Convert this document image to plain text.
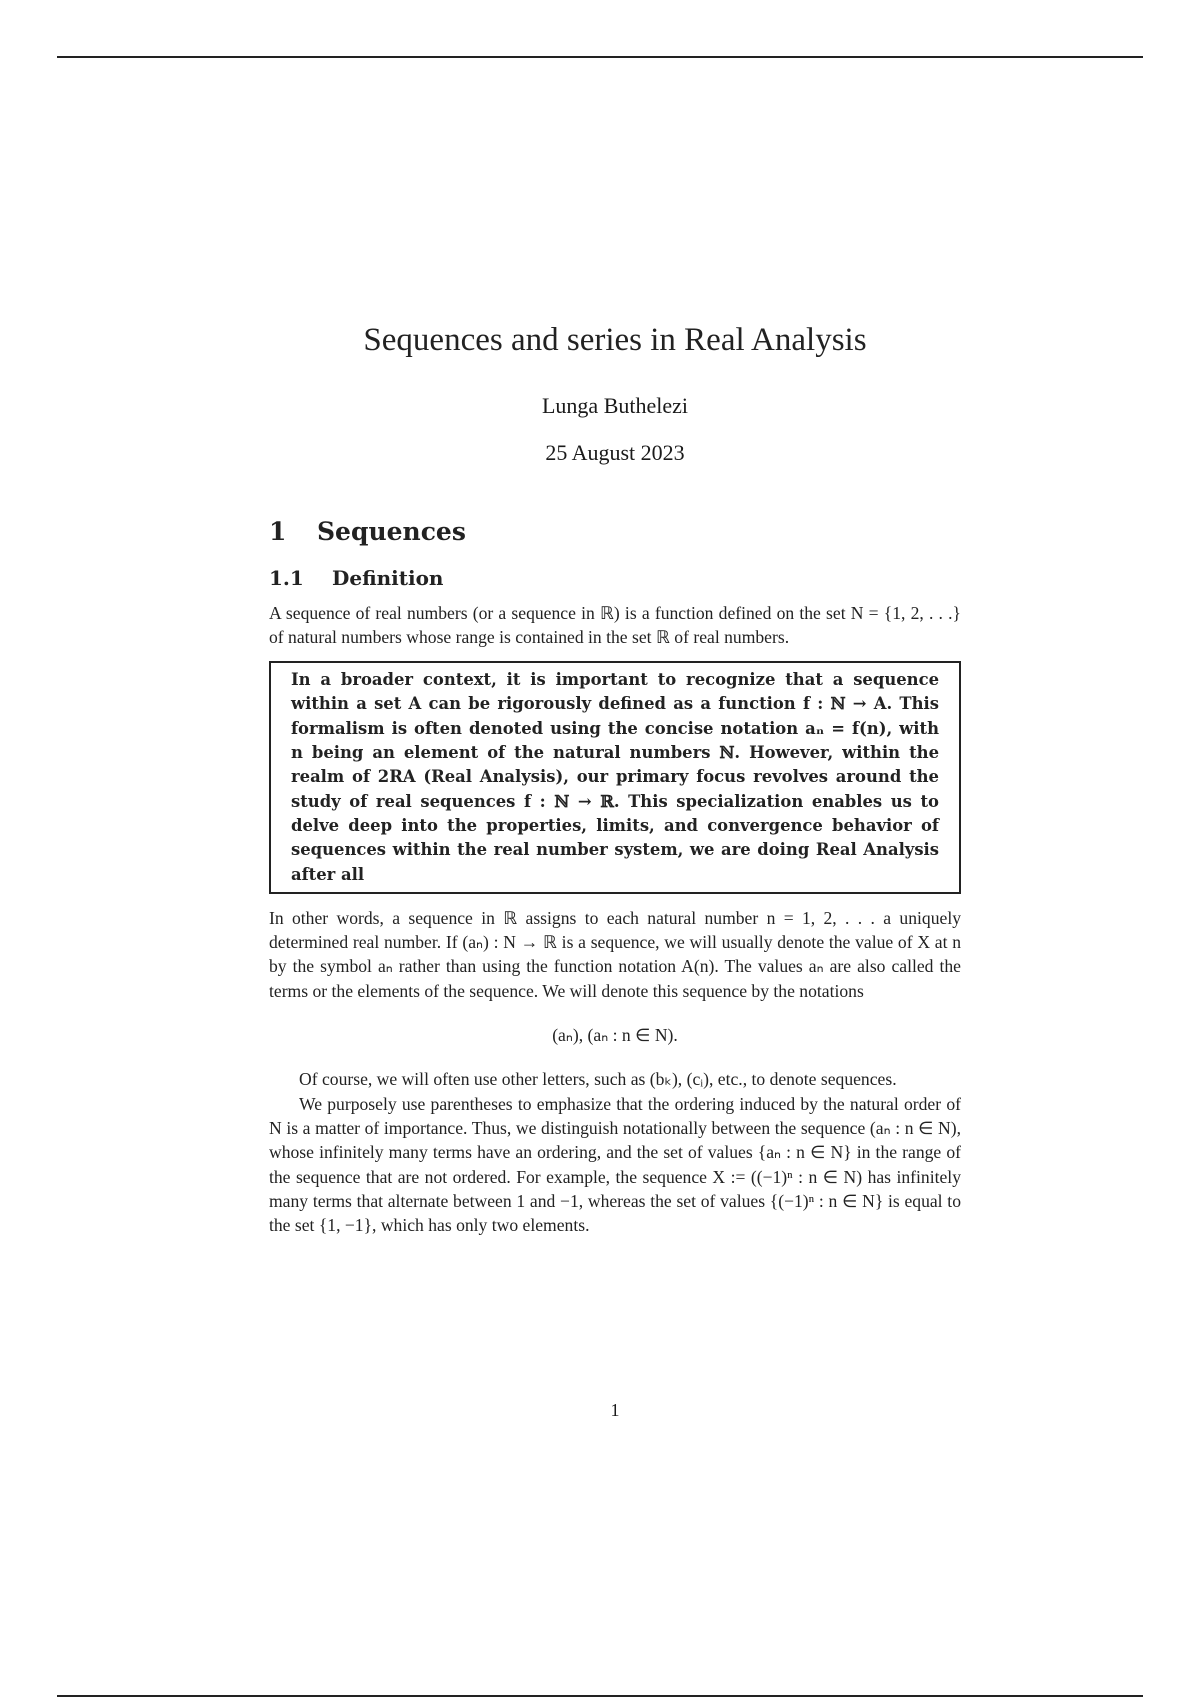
Sequences and series in Real Analysis
Lunga Buthelezi
25 August 2023
1	Sequences
1.1	Definition

A sequence of real numbers (or a sequence in ℝ) is a function defined on the set N = {1, 2, . . .} of natural numbers whose range is contained in the set ℝ of real numbers.

In a broader context, it is important to recognize that a sequence within a set A can be rigorously defined as a function f : ℕ → A. This formalism is often denoted using the concise notation aₙ = f(n), with n being an element of the natural numbers ℕ. However, within the realm of 2RA (Real Analysis), our primary focus revolves around the study of real sequences f : ℕ → ℝ. This specialization enables us to delve deep into the properties, limits, and convergence behavior of sequences within the real number system, we are doing Real Analysis after all

In other words, a sequence in ℝ assigns to each natural number n = 1, 2, . . . a uniquely determined real number. If (aₙ) : N → ℝ is a sequence, we will usually denote the value of X at n by the symbol aₙ rather than using the function notation A(n). The values aₙ are also called the terms or the elements of the sequence. We will denote this sequence by the notations

(aₙ), (aₙ : n ∈ N).

Of course, we will often use other letters, such as (bₖ), (cᵢ), etc., to denote sequences.

We purposely use parentheses to emphasize that the ordering induced by the natural order of N is a matter of importance. Thus, we distinguish notationally between the sequence (aₙ : n ∈ N), whose infinitely many terms have an ordering, and the set of values {aₙ : n ∈ N} in the range of the sequence that are not ordered. For example, the sequence X := ((−1)ⁿ : n ∈ N) has infinitely many terms that alternate between 1 and −1, whereas the set of values {(−1)ⁿ : n ∈ N} is equal to the set {1, −1}, which has only two elements.

1
